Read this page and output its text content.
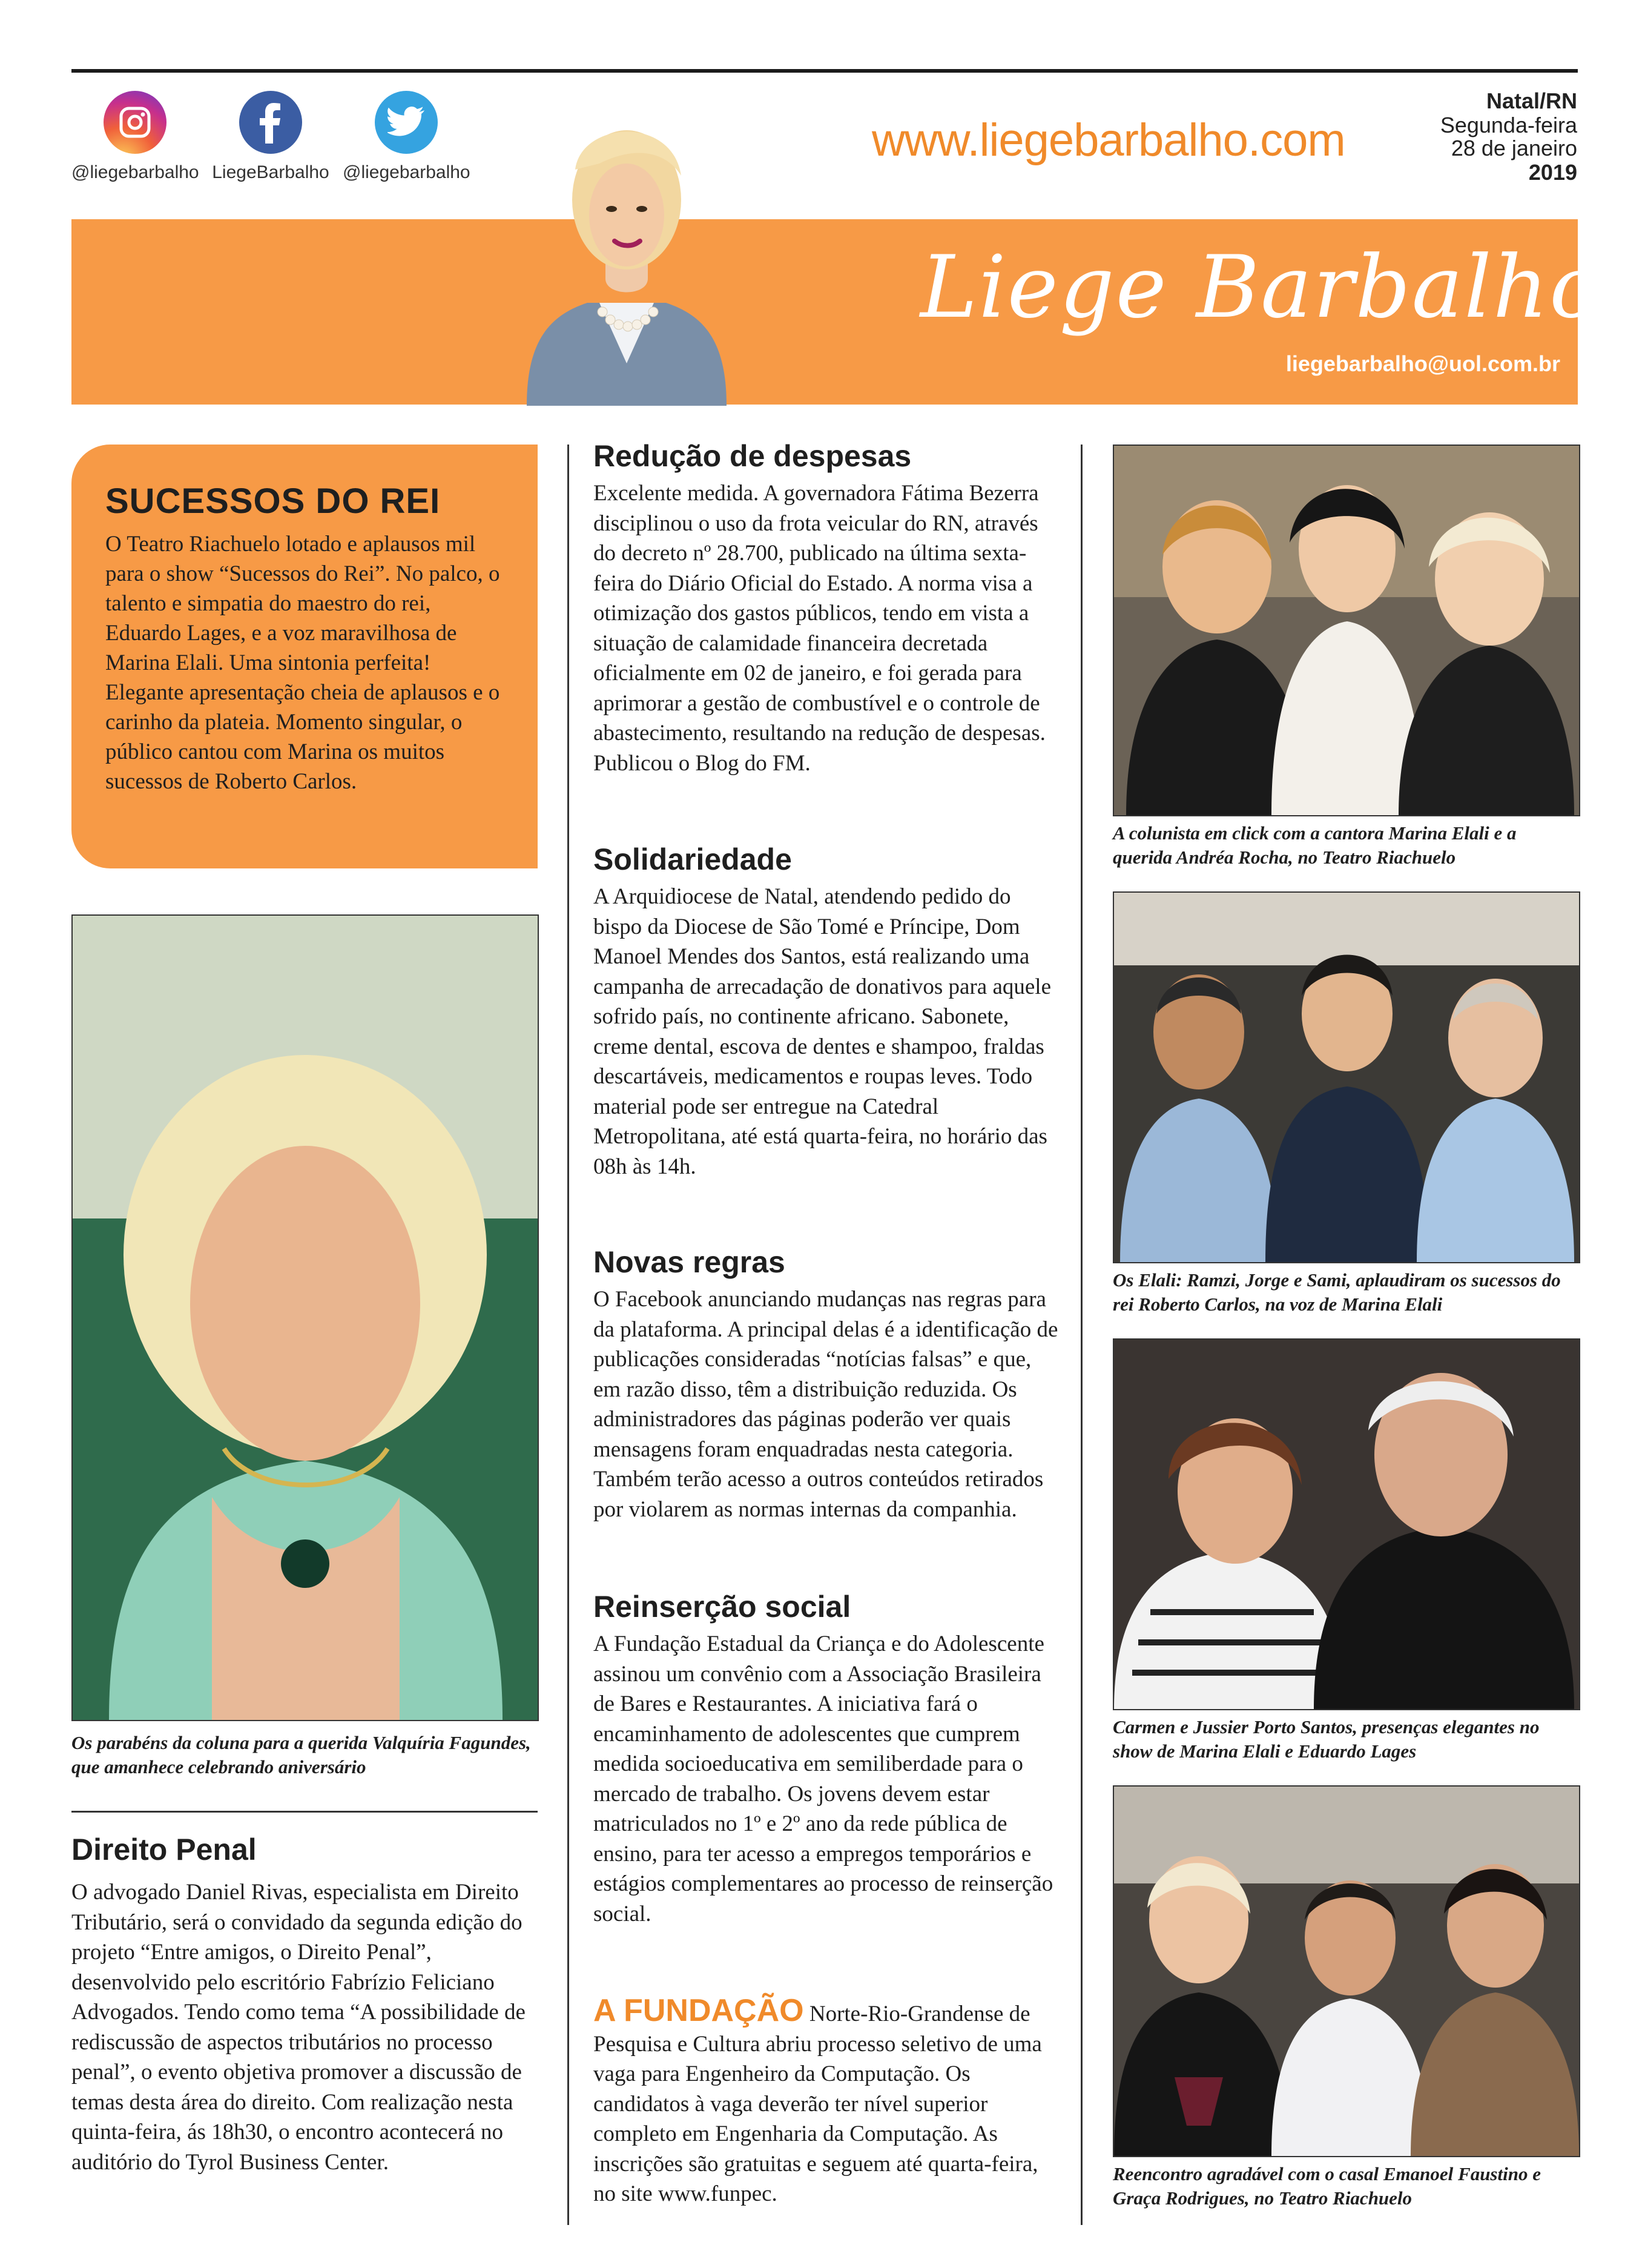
@liegebarbalho LiegeBarbalho @liegebarbalho
www.liegebarbalho.com
Natal/RN
Segunda-feira
28 de janeiro
2019
Liege Barbalho
liegebarbalho@uol.com.br
SUCESSOS DO REI
O Teatro Riachuelo lotado e aplausos mil para o show “Sucessos do Rei”. No palco, o talento e simpatia do maestro do rei, Eduardo Lages, e a voz maravilhosa de Marina Elali. Uma sintonia perfeita! Elegante apresentação cheia de aplausos e o carinho da plateia. Momento singular, o público cantou com Marina os muitos sucessos de Roberto Carlos.
Os parabéns da coluna para a querida Valquíria Fagundes, que amanhece celebrando aniversário
Direito Penal
O advogado Daniel Rivas, especialista em Direito Tributário, será o convidado da segunda edição do projeto “Entre amigos, o Direito Penal”, desenvolvido pelo escritório Fabrízio Feliciano Advogados. Tendo como tema “A possibilidade de rediscussão de aspectos tributários no processo penal”, o evento objetiva promover a discussão de temas desta área do direito. Com realização nesta quinta-feira, ás 18h30, o encontro acontecerá no auditório do Tyrol Business Center.
Redução de despesas
Excelente medida. A governadora Fátima Bezerra disciplinou o uso da frota veicular do RN, através do decreto nº 28.700, publicado na última sexta-feira do Diário Oficial do Estado. A norma visa a otimização dos gastos públicos, tendo em vista a situação de calamidade financeira decretada oficialmente em 02 de janeiro, e foi gerada para aprimorar a gestão de combustível e o controle de abastecimento, resultando na redução de despesas. Publicou o Blog do FM.
Solidariedade
A Arquidiocese de Natal, atendendo pedido do bispo da Diocese de São Tomé e Príncipe, Dom Manoel Mendes dos Santos, está realizando uma campanha de arrecadação de donativos para aquele sofrido país, no continente africano. Sabonete, creme dental, escova de dentes e shampoo, fraldas descartáveis, medicamentos e roupas leves. Todo material pode ser entregue na Catedral Metropolitana, até está quarta-feira, no horário das 08h às 14h.
Novas regras
O Facebook anunciando mudanças nas regras para da plataforma. A principal delas é a identificação de publicações consideradas “notícias falsas” e que, em razão disso, têm a distribuição reduzida. Os administradores das páginas poderão ver quais mensagens foram enquadradas nesta categoria. Também terão acesso a outros conteúdos retirados por violarem as normas internas da companhia.
Reinserção social
A Fundação Estadual da Criança e do Adolescente assinou um convênio com a Associação Brasileira de Bares e Restaurantes. A iniciativa fará o encaminhamento de adolescentes que cumprem medida socioeducativa em semiliberdade para o mercado de trabalho. Os jovens devem estar matriculados no 1º e 2º ano da rede pública de ensino, para ter acesso a empregos temporários e estágios complementares ao processo de reinserção social.
A FUNDAÇÃO Norte-Rio-Grandense de Pesquisa e Cultura abriu processo seletivo de uma vaga para Engenheiro da Computação. Os candidatos à vaga deverão ter nível superior completo em Engenharia da Computação. As inscrições são gratuitas e seguem até quarta-feira, no site www.funpec.
A colunista em click com a cantora Marina Elali e a querida Andréa Rocha, no Teatro Riachuelo
Os Elali: Ramzi, Jorge e Sami, aplaudiram os sucessos do rei Roberto Carlos, na voz de Marina Elali
Carmen e Jussier Porto Santos, presenças elegantes no show de Marina Elali e Eduardo Lages
Reencontro agradável com o casal Emanoel Faustino e Graça Rodrigues, no Teatro Riachuelo
